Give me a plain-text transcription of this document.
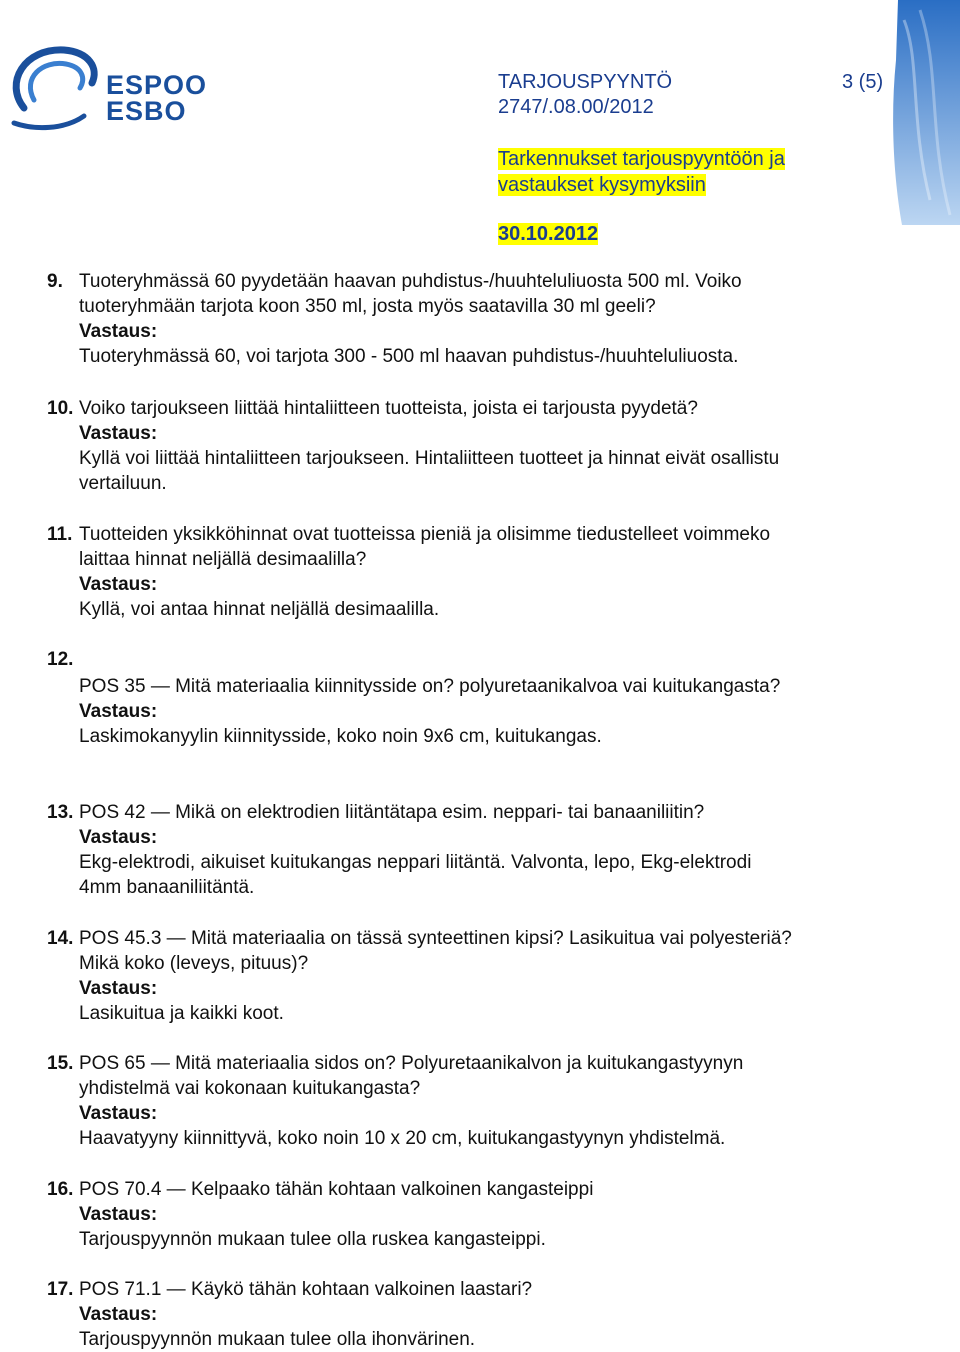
ESPOO
ESBO
TARJOUSPYYNTÖ	3 (5)
2747/.08.00/2012
Tarkennukset tarjouspyyntöön ja
vastaukset kysymyksiin
30.10.2012
9. Tuoteryhmässä 60 pyydetään haavan puhdistus-/huuhteluliuosta 500 ml. Voiko

tuoteryhmään tarjota koon 350 ml, josta myös saatavilla 30 ml geeli?

Vastaus:

Tuoteryhmässä 60, voi tarjota 300 - 500 ml haavan puhdistus-/huuhteluliuosta.

10. Voiko tarjoukseen liittää hintaliitteen tuotteista, joista ei tarjousta pyydetä?

Vastaus:

Kyllä voi liittää hintaliitteen tarjoukseen. Hintaliitteen tuotteet ja hinnat eivät osallistu

vertailuun.

11. Tuotteiden yksikköhinnat ovat tuotteissa pieniä ja olisimme tiedustelleet voimmeko

laittaa hinnat neljällä desimaalilla?

Vastaus:

Kyllä, voi antaa hinnat neljällä desimaalilla.

12.

POS 35 — Mitä materiaalia kiinnitysside on? polyuretaanikalvoa vai kuitukangasta?

Vastaus:

Laskimokanyylin kiinnitysside, koko noin 9x6 cm, kuitukangas.

13. POS 42 — Mikä on elektrodien liitäntätapa esim. neppari- tai banaaniliitin?

Vastaus:

Ekg-elektrodi, aikuiset kuitukangas neppari liitäntä. Valvonta, lepo, Ekg-elektrodi

4mm banaaniliitäntä.

14. POS 45.3 — Mitä materiaalia on tässä synteettinen kipsi? Lasikuitua vai polyesteriä?

Mikä koko (leveys, pituus)?

Vastaus:

Lasikuitua ja kaikki koot.

15. POS 65 — Mitä materiaalia sidos on? Polyuretaanikalvon ja kuitukangastyynyn

yhdistelmä vai kokonaan kuitukangasta?

Vastaus:

Haavatyyny kiinnittyvä, koko noin 10 x 20 cm, kuitukangastyynyn yhdistelmä.

16. POS 70.4 — Kelpaako tähän kohtaan valkoinen kangasteippi

Vastaus:

Tarjouspyynnön mukaan tulee olla ruskea kangasteippi.

17. POS 71.1 — Käykö tähän kohtaan valkoinen laastari?

Vastaus:

Tarjouspyynnön mukaan tulee olla ihonvärinen.
